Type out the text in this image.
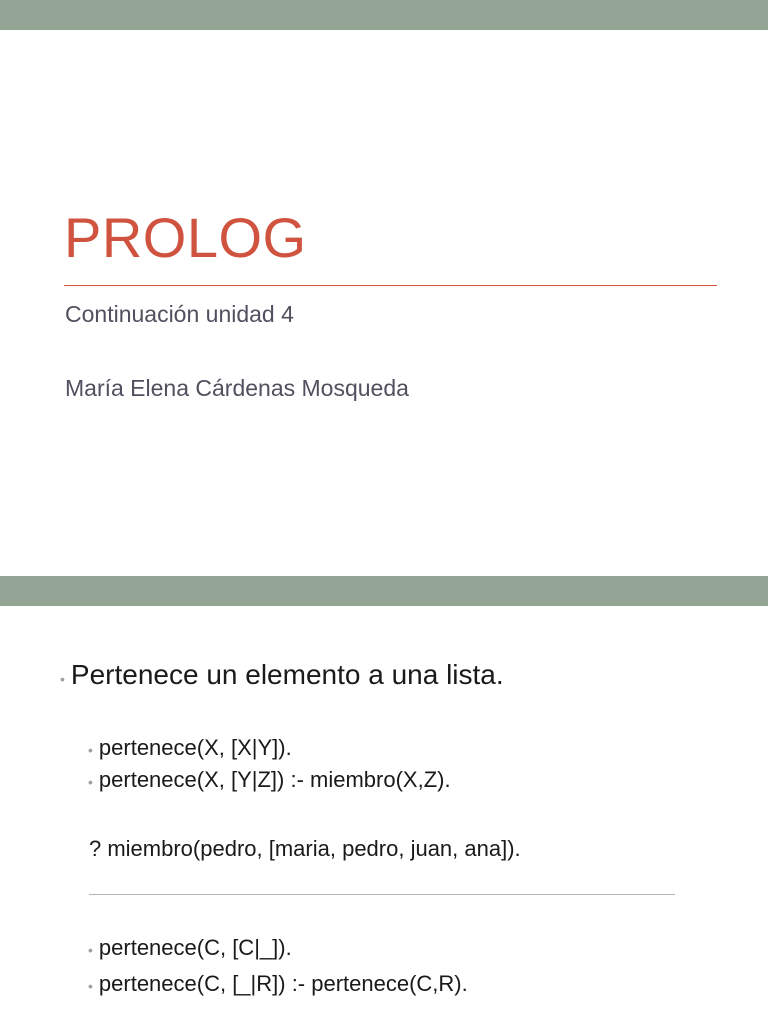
PROLOG

Continuación unidad 4

María Elena Cárdenas Mosqueda

• Pertenece un elemento a una lista.
• pertenece(X, [X|Y]).
• pertenece(X, [Y|Z]) :- miembro(X,Z).

? miembro(pedro, [maria, pedro, juan, ana]).

• pertenece(C, [C|_]).
• pertenece(C, [_|R]) :- pertenece(C,R).
